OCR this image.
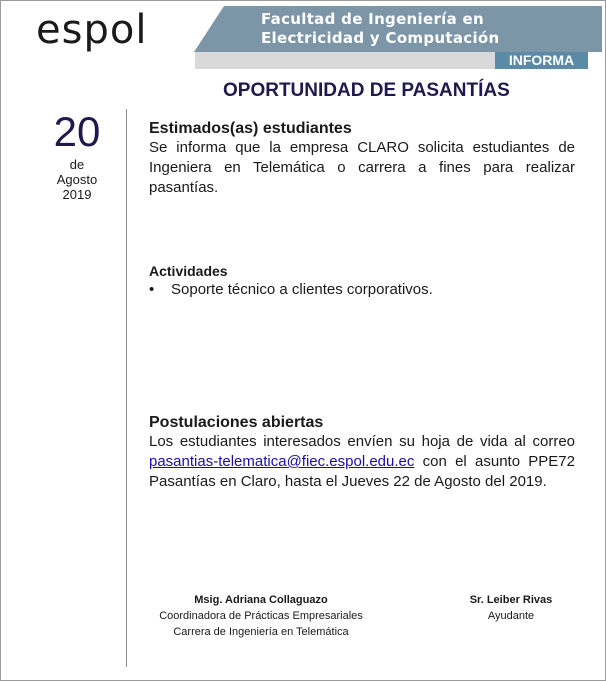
espol	Facultad de Ingeniería en
Electricidad y Computación
INFORMA
OPORTUNIDAD DE PASANTÍAS
20
de
Agosto
2019
Estimados(as) estudiantes
Se informa que la empresa CLARO solicita estudiantes de Ingeniera en Telemática o carrera a fines para realizar pasantías.
Actividades
• Soporte técnico a clientes corporativos.
Postulaciones abiertas
Los estudiantes interesados envíen su hoja de vida al correo pasantias-telematica@fiec.espol.edu.ec con el asunto PPE72 Pasantías en Claro, hasta el Jueves 22 de Agosto del 2019.
Msig. Adriana Collaguazo
Coordinadora de Prácticas Empresariales
Carrera de Ingeniería en Telemática
Sr. Leiber Rivas
Ayudante
